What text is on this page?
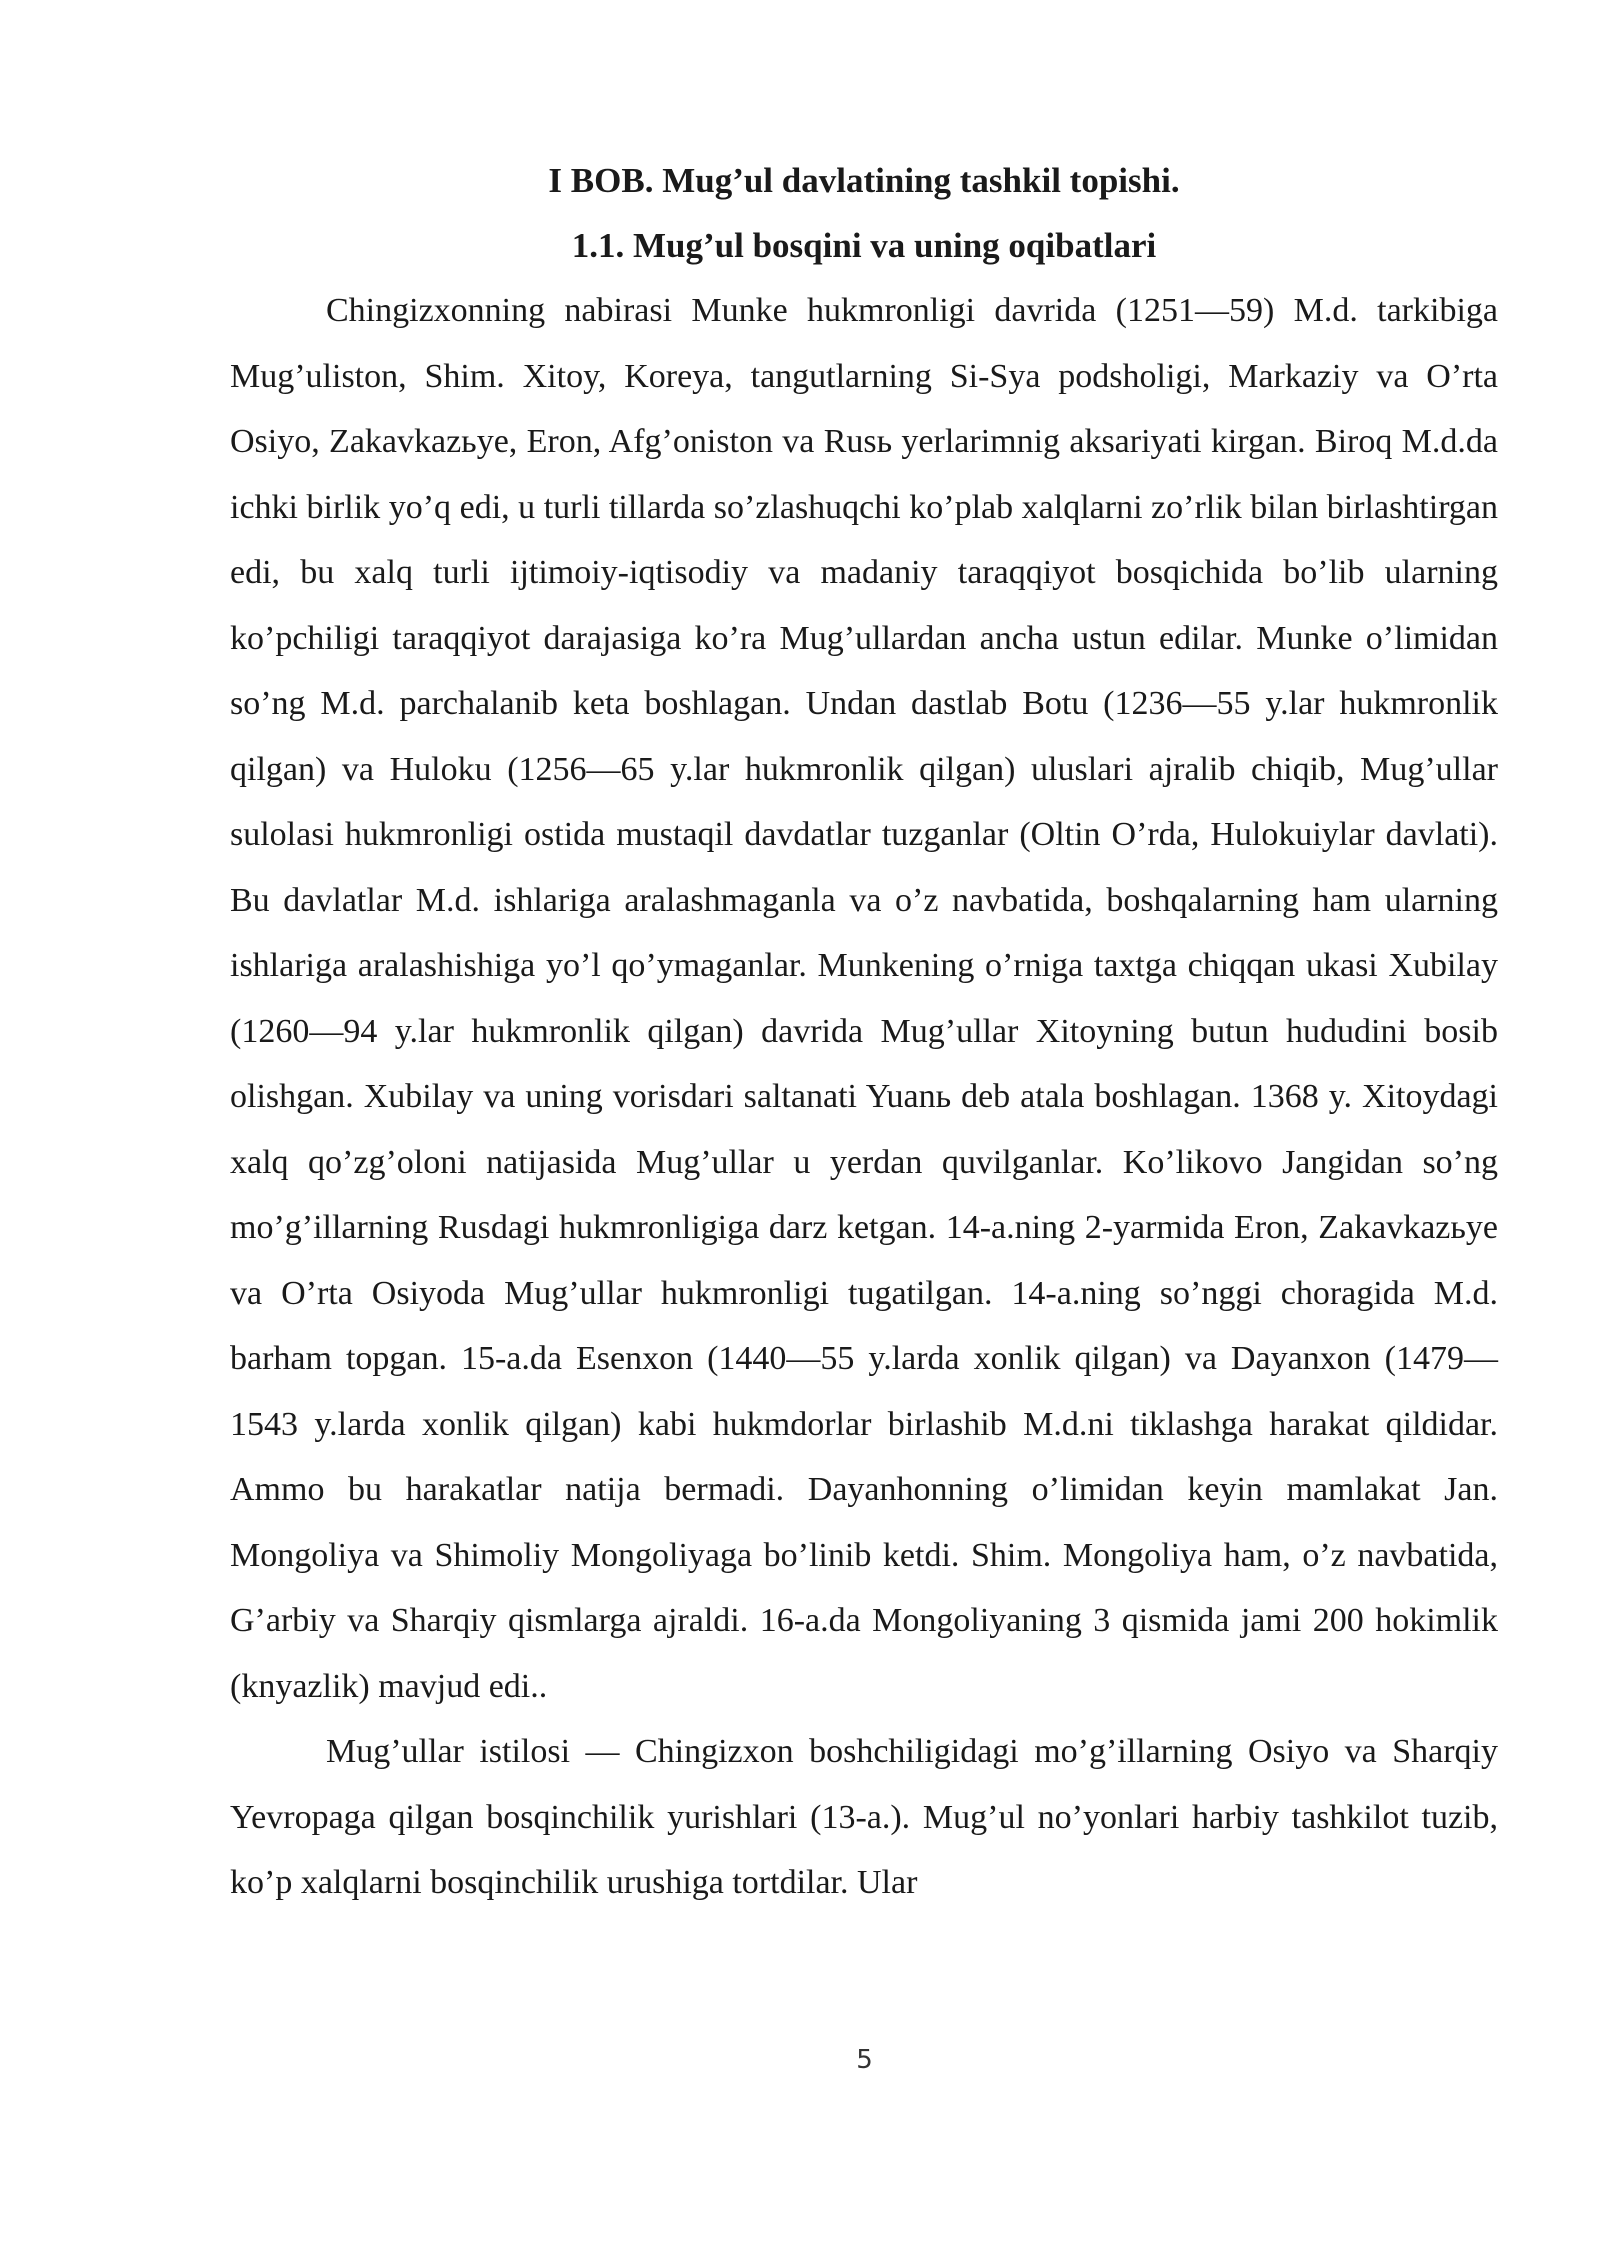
I BOB. Mug’ul davlatining tashkil topishi.
1.1. Mug’ul bosqini va uning oqibatlari

Chingizxonning nabirasi Munke hukmronligi davrida (1251—59) M.d. tarkibiga Mug’uliston, Shim. Xitoy, Koreya, tangutlarning Si-Sya podsholigi, Markaziy va O’rta Osiyo, Zakavkazьye, Eron, Afg’oniston va Rusь yerlarimnig aksariyati kirgan. Biroq M.d.da ichki birlik yo’q edi, u turli tillarda so’zlashuqchi ko’plab xalqlarni zo’rlik bilan birlashtirgan edi, bu xalq turli ijtimoiy-iqtisodiy va madaniy taraqqiyot bosqichida bo’lib ularning ko’pchiligi taraqqiyot darajasiga ko’ra Mug’ullardan ancha ustun edilar. Munke o’limidan so’ng M.d. parchalanib keta boshlagan. Undan dastlab Botu (1236—55 y.lar hukmronlik qilgan) va Huloku (1256—65 y.lar hukmronlik qilgan) uluslari ajralib chiqib, Mug’ullar sulolasi hukmronligi ostida mustaqil davdatlar tuzganlar (Oltin O’rda, Hulokuiylar davlati). Bu davlatlar M.d. ishlariga aralashmaganla va o’z navbatida, boshqalarning ham ularning ishlariga aralashishiga yo’l qo’ymaganlar. Munkening o’rniga taxtga chiqqan ukasi Xubilay (1260—94 y.lar hukmronlik qilgan) davrida Mug’ullar Xitoyning butun hududini bosib olishgan. Xubilay va uning vorisdari saltanati Yuanь deb atala boshlagan. 1368 y. Xitoydagi xalq qo’zg’oloni natijasida Mug’ullar u yerdan quvilganlar. Ko’likovo Jangidan so’ng mo’g’illarning Rusdagi hukmronligiga darz ketgan. 14-a.ning 2-yarmida Eron, Zakavkazьye va O’rta Osiyoda Mug’ullar hukmronligi tugatilgan. 14-a.ning so’nggi choragida M.d. barham topgan. 15-a.da Esenxon (1440—55 y.larda xonlik qilgan) va Dayanxon (1479—1543 y.larda xonlik qilgan) kabi hukmdorlar birlashib M.d.ni tiklashga harakat qildidar. Ammo bu harakatlar natija bermadi. Dayanhonning o’limidan keyin mamlakat Jan. Mongoliya va Shimoliy Mongoliyaga bo’linib ketdi. Shim. Mongoliya ham, o’z navbatida, G’arbiy va Sharqiy qismlarga ajraldi. 16-a.da Mongoliyaning 3 qismida jami 200 hokimlik (knyazlik) mavjud edi..

Mug’ullar istilosi — Chingizxon boshchiligidagi mo’g’illarning Osiyo va Sharqiy Yevropaga qilgan bosqinchilik yurishlari (13-a.). Mug’ul no’yonlari harbiy tashkilot tuzib, ko’p xalqlarni bosqinchilik urushiga tortdilar. Ular

5
